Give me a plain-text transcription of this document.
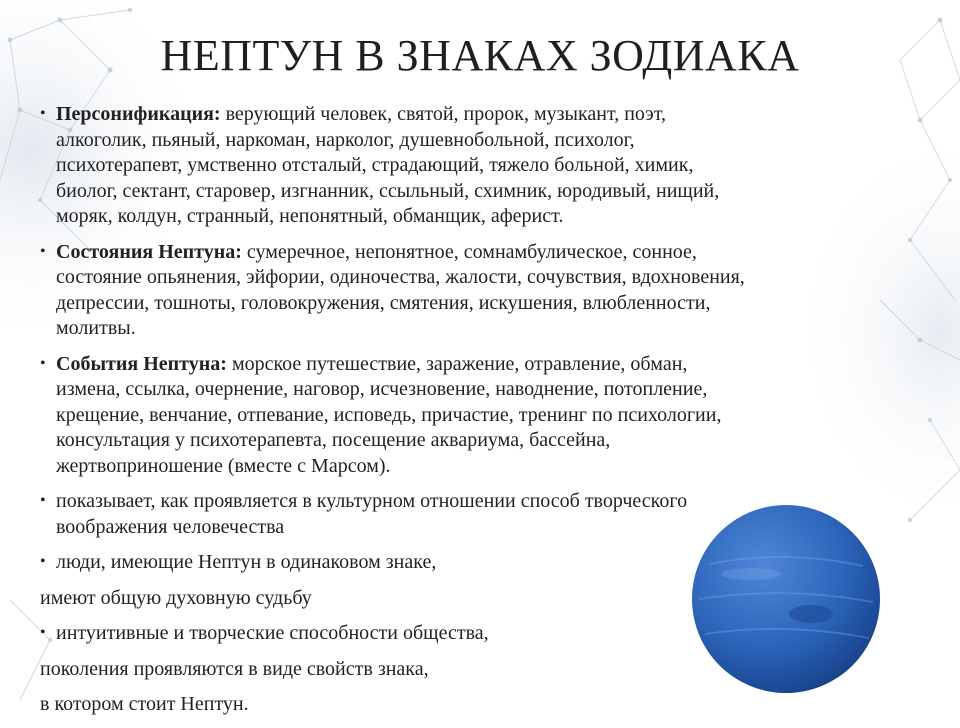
НЕПТУН В ЗНАКАХ ЗОДИАКА
• Персонификация: верующий человек, святой, пророк, музыкант, поэт, алкоголик, пьяный, наркоман, нарколог, душевнобольной, психолог, психотерапевт, умственно отсталый, страдающий, тяжело больной, химик, биолог, сектант, старовер, изгнанник, ссыльный, схимник, юродивый, нищий, моряк, колдун, странный, непонятный, обманщик, аферист.
• Состояния Нептуна: сумеречное, непонятное, сомнамбулическое, сонное, состояние опьянения, эйфории, одиночества, жалости, сочувствия, вдохновения, депрессии, тошноты, головокружения, смятения, искушения, влюбленности, молитвы.
• События Нептуна: морское путешествие, заражение, отравление, обман, измена, ссылка, очернение, наговор, исчезновение, наводнение, потопление, крещение, венчание, отпевание, исповедь, причастие, тренинг по психологии, консультация у психотерапевта, посещение аквариума, бассейна, жертвоприношение (вместе с Марсом).
• показывает, как проявляется в культурном отношении способ творческого воображения человечества
• люди, имеющие Нептун в одинаковом знаке,
имеют общую духовную судьбу
• интуитивные и творческие способности общества,
поколения проявляются в виде свойств знака,
в котором стоит Нептун.
